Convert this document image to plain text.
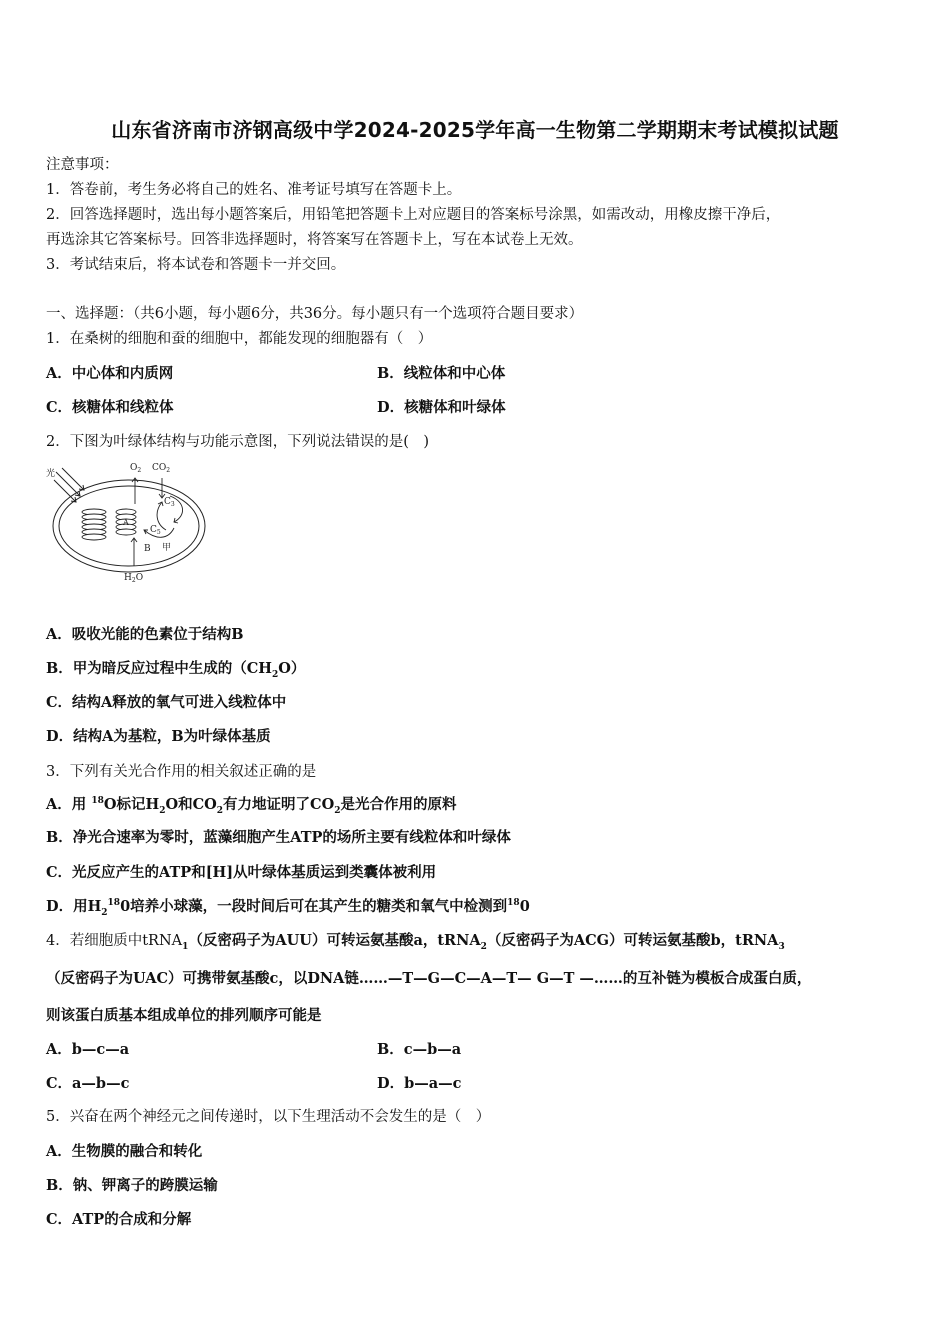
山东省济南市济钢高级中学2024-2025学年高一生物第二学期期末考试模拟试题
注意事项：
1．答卷前，考生务必将自己的姓名、准考证号填写在答题卡上。
2．回答选择题时，选出每小题答案后，用铅笔把答题卡上对应题目的答案标号涂黑，如需改动，用橡皮擦干净后，
再选涂其它答案标号。回答非选择题时，将答案写在答题卡上，写在本试卷上无效。
3．考试结束后，将本试卷和答题卡一并交回。
一、选择题：（共6小题，每小题6分，共36分。每小题只有一个选项符合题目要求）
1．在桑树的细胞和蚕的细胞中，都能发现的细胞器有（　）
A．中心体和内质网	B．线粒体和中心体
C．核糖体和线粒体	D．核糖体和叶绿体
2．下图为叶绿体结构与功能示意图，下列说法错误的是(　)
光
A
$O_2$ $CO_2$
$C_3$
$C_5$
B 甲
$H_2O$
A．吸收光能的色素位于结构B
B．甲为暗反应过程中生成的$(CH_2O)$
C．结构A释放的氧气可进入线粒体中
D．结构A为基粒，B为叶绿体基质
3．下列有关光合作用的相关叙述正确的是
A．用 $^{18}$O标记$H_2O$和$CO_2$有力地证明了$CO_2$是光合作用的原料
B．净光合速率为零时，蓝藻细胞产生ATP的场所主要有线粒体和叶绿体
C．光反应产生的ATP和[H]从叶绿体基质运到类囊体被利用
D．用$H_2^{18}0$培养小球藻，一段时间后可在其产生的糖类和氧气中检测到$^{18}$0
4．若细胞质中tRNA$_1$（反密码子为AUU）可转运氨基酸a，tRNA$_2$（反密码子为ACG）可转运氨基酸b，tRNA$_3$
（反密码子为UAC）可携带氨基酸c，以DNA链……—T—G—C—A—T— G—T —……的互补链为模板合成蛋白质，
则该蛋白质基本组成单位的排列顺序可能是
A．b—c—a	B．c—b—a
C．a—b—c	D．b—a—c
5．兴奋在两个神经元之间传递时，以下生理活动不会发生的是（　）
A．生物膜的融合和转化
B．钠、钾离子的跨膜运输
C．ATP的合成和分解
